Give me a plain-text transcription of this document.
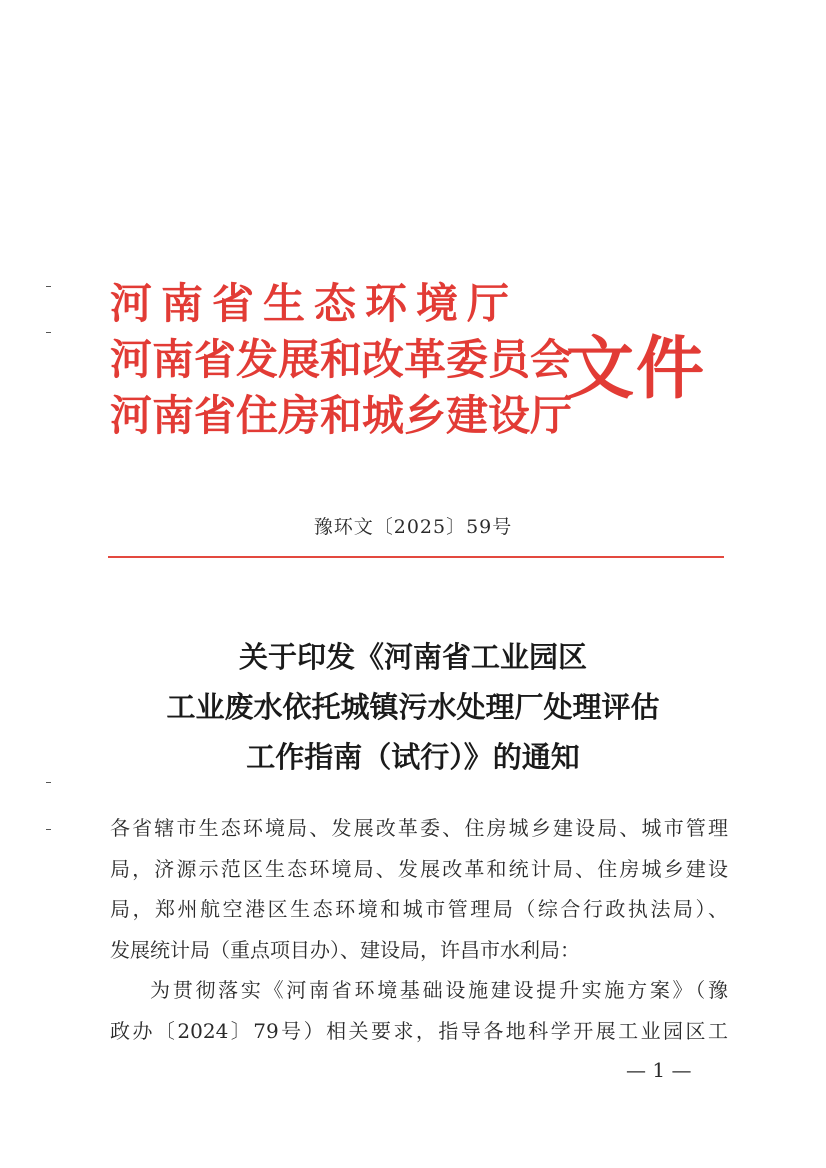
河南省生态环境厅
河南省发展和改革委员会
河南省住房和城乡建设厅
文件
豫环文〔2025〕59号
关于印发《河南省工业园区
工业废水依托城镇污水处理厂处理评估
工作指南（试行）》的通知
各省辖市生态环境局、发展改革委、住房城乡建设局、城市管理
局，济源示范区生态环境局、发展改革和统计局、住房城乡建设
局，郑州航空港区生态环境和城市管理局（综合行政执法局）、
发展统计局（重点项目办）、建设局，许昌市水利局：
为贯彻落实《河南省环境基础设施建设提升实施方案》（豫
政办〔2024〕79号）相关要求，指导各地科学开展工业园区工
— 1 —
